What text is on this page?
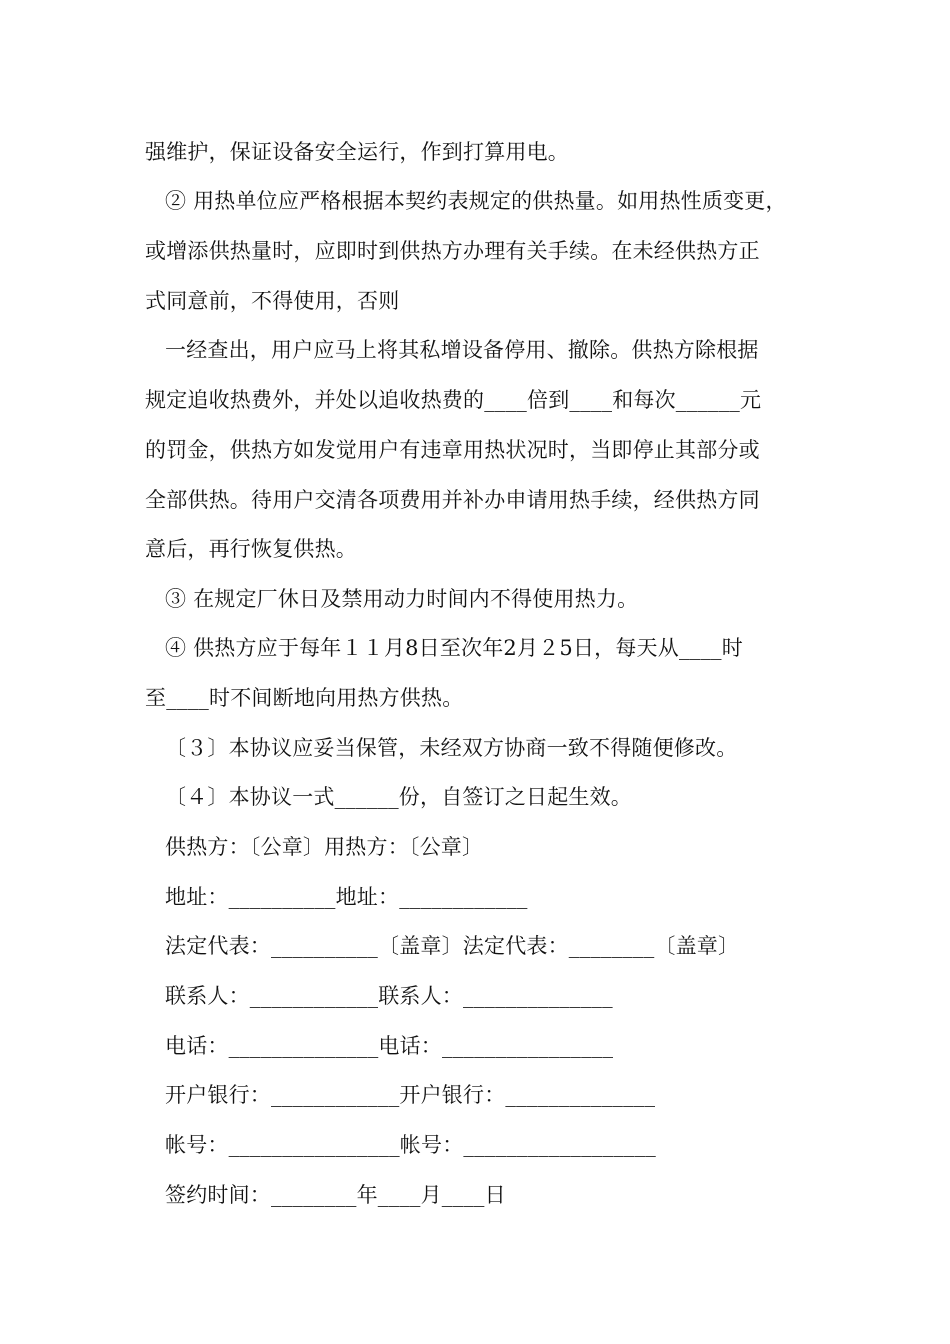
强维护，保证设备安全运行，作到打算用电。
② 用热单位应严格根据本契约表规定的供热量。如用热性质变更，
或增添供热量时，应即时到供热方办理有关手续。在未经供热方正
式同意前，不得使用，否则
一经查出，用户应马上将其私增设备停用、撤除。供热方除根据
规定追收热费外，并处以追收热费的____倍到____和每次______元
的罚金，供热方如发觉用户有违章用热状况时，当即停止其部分或
全部供热。待用户交清各项费用并补办申请用热手续，经供热方同
意后，再行恢复供热。
③ 在规定厂休日及禁用动力时间内不得使用热力。
④ 供热方应于每年１１月8日至次年2月２5日，每天从____时
至____时不间断地向用热方供热。
〔３〕本协议应妥当保管，未经双方协商一致不得随便修改。
〔４〕本协议一式______份，自签订之日起生效。
供热方：〔公章〕用热方：〔公章〕
地址：__________地址：____________
法定代表：__________〔盖章〕法定代表：________〔盖章〕
联系人：____________联系人：______________
电话：______________电话：________________
开户银行：____________开户银行：______________
帐号：________________帐号：__________________
签约时间：________年____月____日
